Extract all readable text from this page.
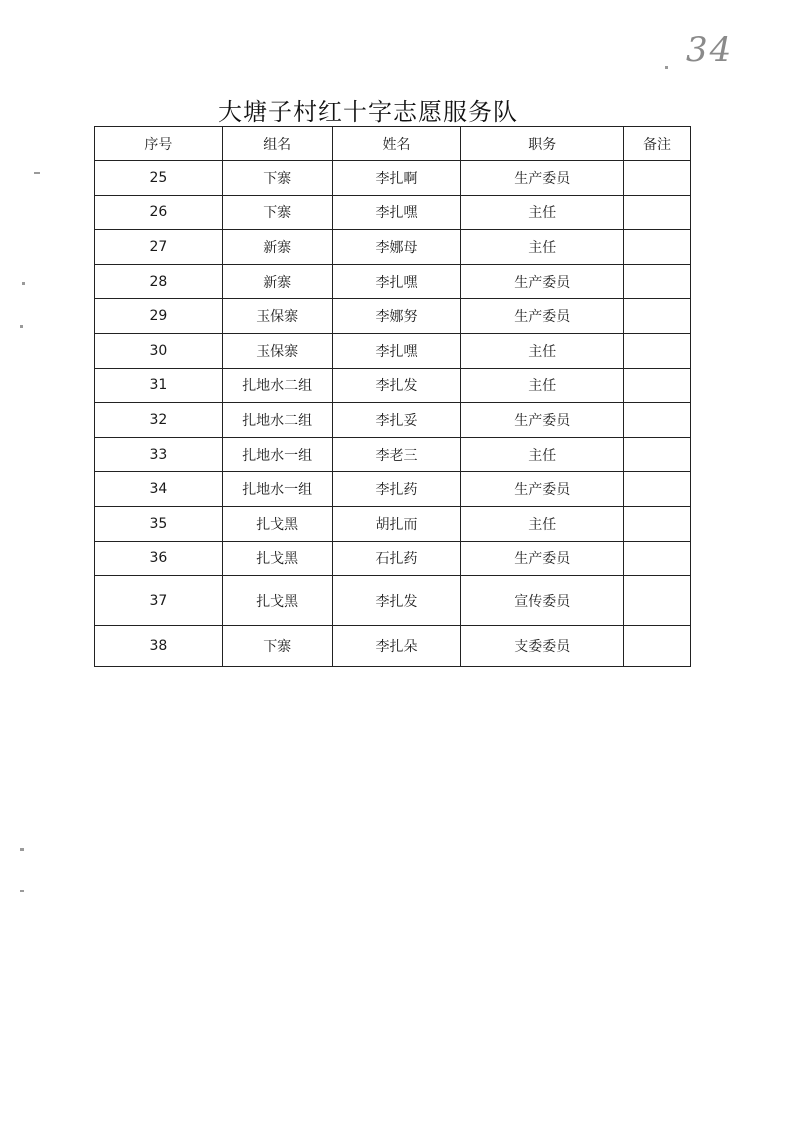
34
大塘子村红十字志愿服务队
序号	组名	姓名	职务	备注
25	下寨	李扎啊	生产委员	
26	下寨	李扎嘿	主任	
27	新寨	李娜母	主任	
28	新寨	李扎嘿	生产委员	
29	玉保寨	李娜努	生产委员	
30	玉保寨	李扎嘿	主任	
31	扎地水二组	李扎发	主任	
32	扎地水二组	李扎妥	生产委员	
33	扎地水一组	李老三	主任	
34	扎地水一组	李扎药	生产委员	
35	扎戈黑	胡扎而	主任	
36	扎戈黑	石扎药	生产委员	
37	扎戈黑	李扎发	宣传委员	
38	下寨	李扎朵	支委委员	
